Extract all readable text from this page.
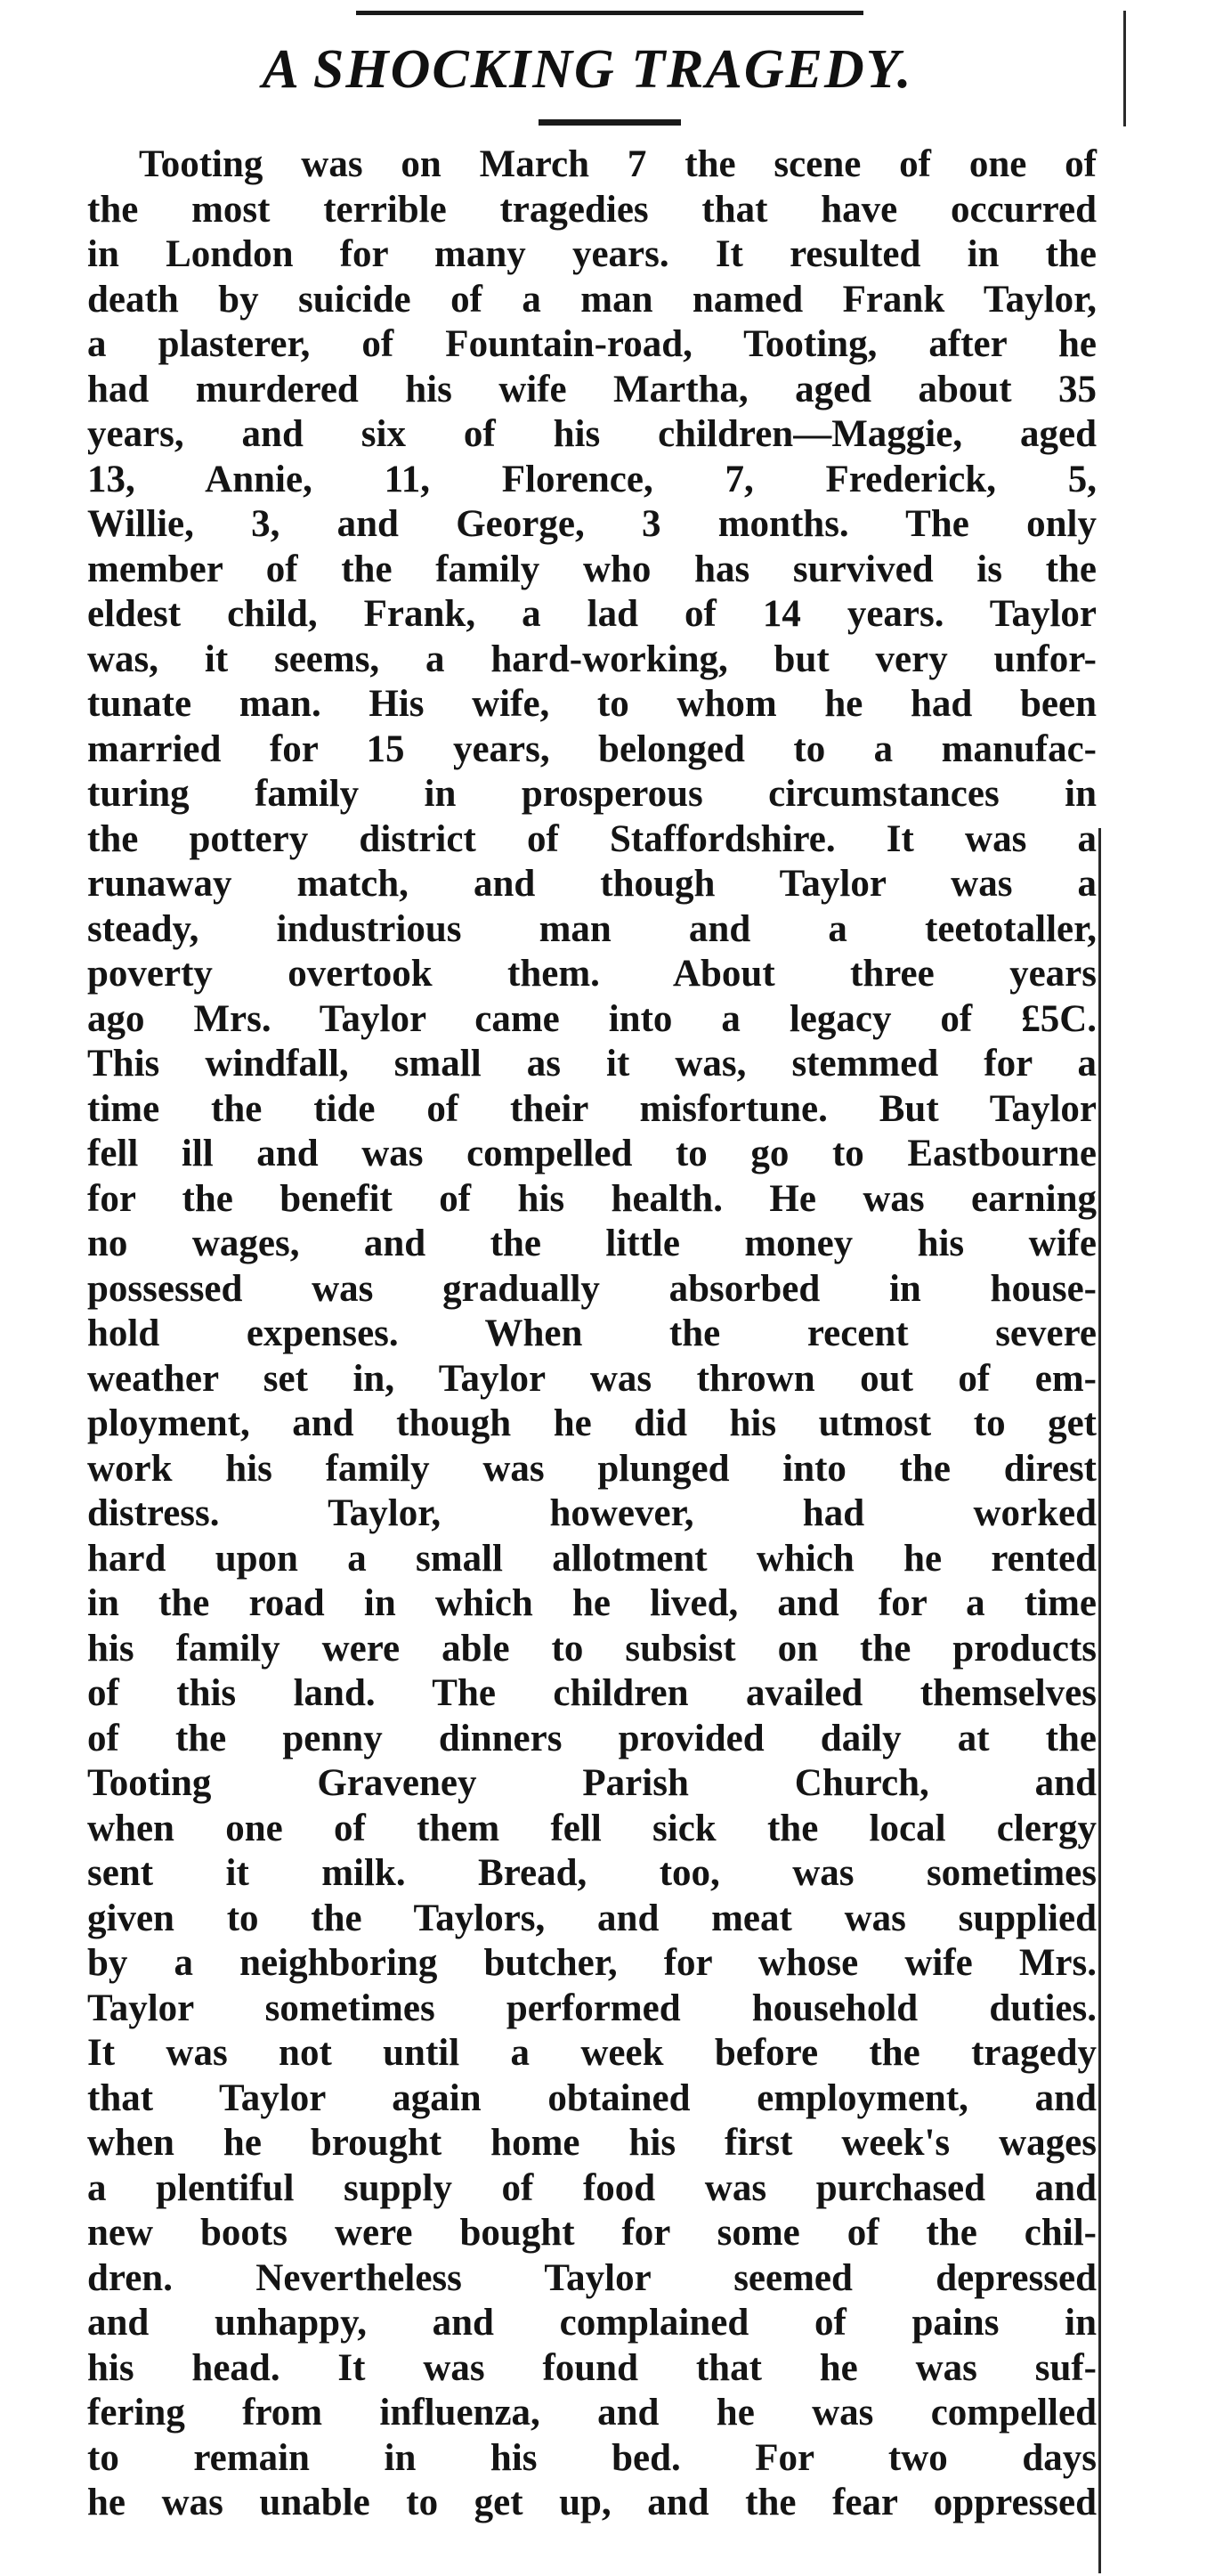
A SHOCKING TRAGEDY.
Tooting was on March 7 the scene of one of
the most terrible tragedies that have occurred
in London for many years. It resulted in the
death by suicide of a man named Frank Taylor,
a plasterer, of Fountain-road, Tooting, after he
had murdered his wife Martha, aged about 35
years, and six of his children—Maggie, aged
13, Annie, 11, Florence, 7, Frederick, 5,
Willie, 3, and George, 3 months. The only
member of the family who has survived is the
eldest child, Frank, a lad of 14 years. Taylor
was, it seems, a hard-working, but very unfor-
tunate man. His wife, to whom he had been
married for 15 years, belonged to a manufac-
turing family in prosperous circumstances in
the pottery district of Staffordshire. It was a
runaway match, and though Taylor was a
steady, industrious man and a teetotaller,
poverty overtook them. About three years
ago Mrs. Taylor came into a legacy of £5C.
This windfall, small as it was, stemmed for a
time the tide of their misfortune. But Taylor
fell ill and was compelled to go to Eastbourne
for the benefit of his health. He was earning
no wages, and the little money his wife
possessed was gradually absorbed in house-
hold expenses. When the recent severe
weather set in, Taylor was thrown out of em-
ployment, and though he did his utmost to get
work his family was plunged into the direst
distress. Taylor, however, had worked
hard upon a small allotment which he rented
in the road in which he lived, and for a time
his family were able to subsist on the products
of this land. The children availed themselves
of the penny dinners provided daily at the
Tooting Graveney Parish Church, and
when one of them fell sick the local clergy
sent it milk. Bread, too, was sometimes
given to the Taylors, and meat was supplied
by a neighboring butcher, for whose wife Mrs.
Taylor sometimes performed household duties.
It was not until a week before the tragedy
that Taylor again obtained employment, and
when he brought home his first week's wages
a plentiful supply of food was purchased and
new boots were bought for some of the chil-
dren. Nevertheless Taylor seemed depressed
and unhappy, and complained of pains in
his head. It was found that he was suf-
fering from influenza, and he was compelled
to remain in his bed. For two days
he was unable to get up, and the fear oppressed
